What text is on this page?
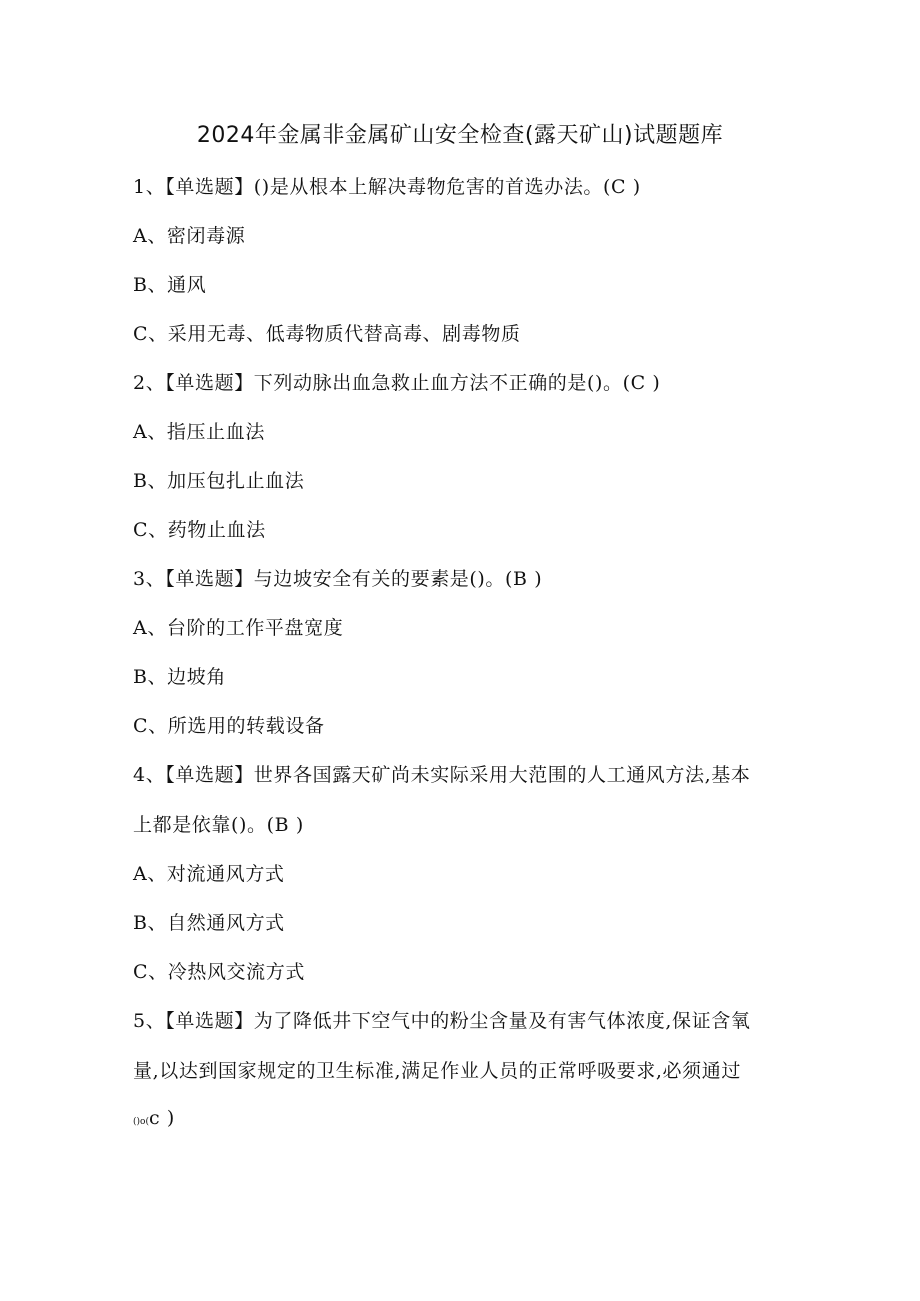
2024年金属非金属矿山安全检查(露天矿山)试题题库
1、【单选题】()是从根本上解决毒物危害的首选办法。(C )
A、密闭毒源
B、通风
C、采用无毒、低毒物质代替高毒、剧毒物质
2、【单选题】下列动脉出血急救止血方法不正确的是()。(C )
A、指压止血法
B、加压包扎止血法
C、药物止血法
3、【单选题】与边坡安全有关的要素是()。(B )
A、台阶的工作平盘宽度
B、边坡角
C、所选用的转载设备
4、【单选题】世界各国露天矿尚未实际采用大范围的人工通风方法,基本
上都是依靠()。(B )
A、对流通风方式
B、自然通风方式
C、冷热风交流方式
5、【单选题】为了降低井下空气中的粉尘含量及有害气体浓度,保证含氧
量,以达到国家规定的卫生标准,满足作业人员的正常呼吸要求,必须通过
()o(c )
